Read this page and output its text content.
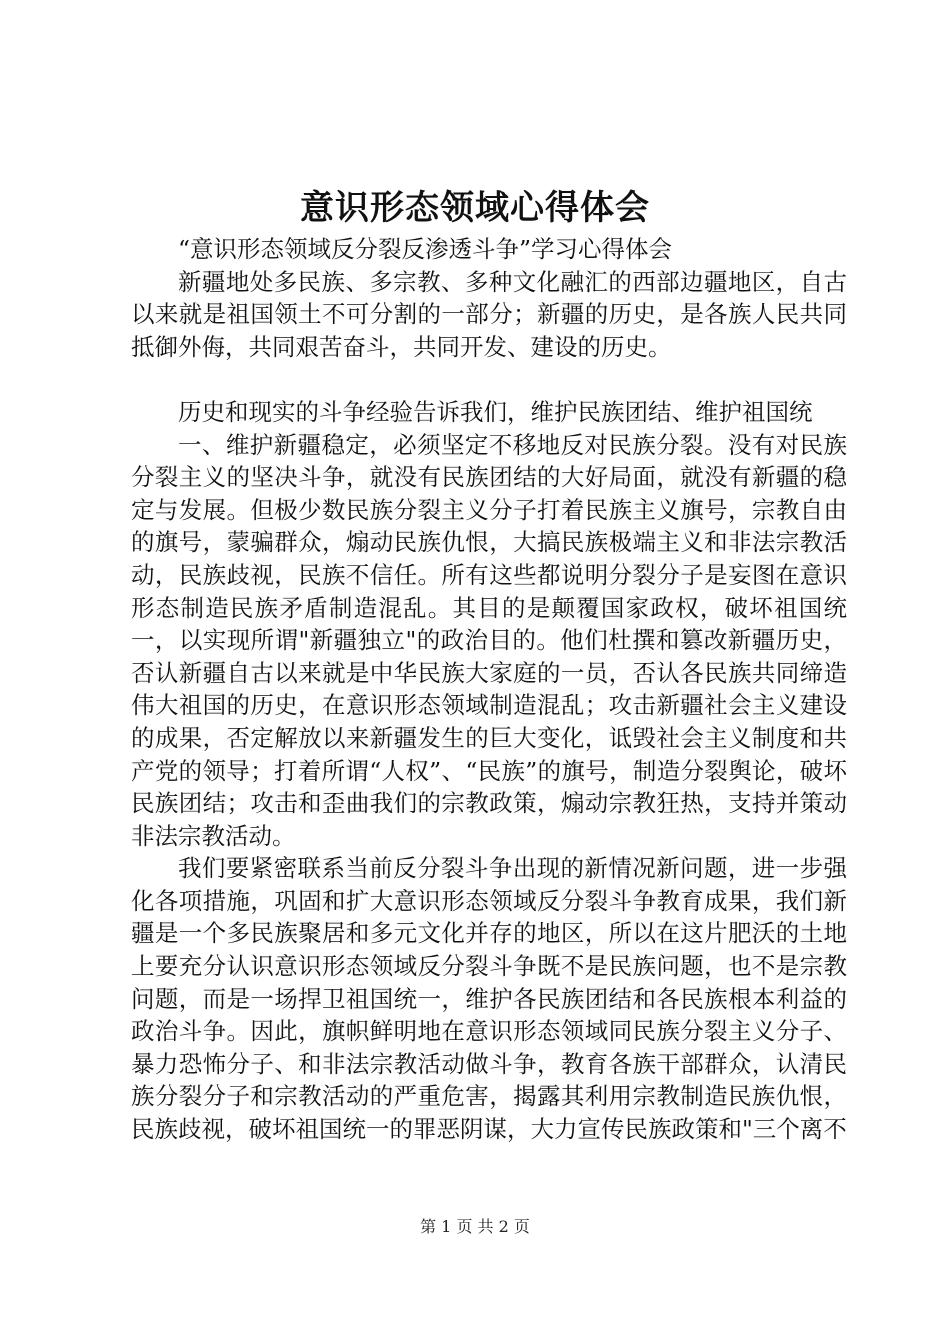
意识形态领域心得体会

“意识形态领域反分裂反渗透斗争”学习心得体会

新疆地处多民族、多宗教、多种文化融汇的西部边疆地区，自古以来就是祖国领土不可分割的一部分；新疆的历史，是各族人民共同抵御外侮，共同艰苦奋斗，共同开发、建设的历史。

历史和现实的斗争经验告诉我们，维护民族团结、维护祖国统

一、维护新疆稳定，必须坚定不移地反对民族分裂。没有对民族分裂主义的坚决斗争，就没有民族团结的大好局面，就没有新疆的稳定与发展。但极少数民族分裂主义分子打着民族主义旗号，宗教自由的旗号，蒙骗群众，煽动民族仇恨，大搞民族极端主义和非法宗教活动，民族歧视，民族不信任。所有这些都说明分裂分子是妄图在意识形态制造民族矛盾制造混乱。其目的是颠覆国家政权，破坏祖国统一，以实现所谓"新疆独立"的政治目的。他们杜撰和篡改新疆历史，否认新疆自古以来就是中华民族大家庭的一员，否认各民族共同缔造伟大祖国的历史，在意识形态领域制造混乱；攻击新疆社会主义建设的成果，否定解放以来新疆发生的巨大变化，诋毁社会主义制度和共产党的领导；打着所谓“人权”、“民族”的旗号，制造分裂舆论，破坏民族团结；攻击和歪曲我们的宗教政策，煽动宗教狂热，支持并策动非法宗教活动。

我们要紧密联系当前反分裂斗争出现的新情况新问题，进一步强化各项措施，巩固和扩大意识形态领域反分裂斗争教育成果，我们新疆是一个多民族聚居和多元文化并存的地区，所以在这片肥沃的土地上要充分认识意识形态领域反分裂斗争既不是民族问题，也不是宗教问题，而是一场捍卫祖国统一，维护各民族团结和各民族根本利益的政治斗争。因此，旗帜鲜明地在意识形态领域同民族分裂主义分子、暴力恐怖分子、和非法宗教活动做斗争，教育各族干部群众，认清民族分裂分子和宗教活动的严重危害，揭露其利用宗教制造民族仇恨，民族歧视，破坏祖国统一的罪恶阴谋，大力宣传民族政策和"三个离不

第 1 页 共 2 页
